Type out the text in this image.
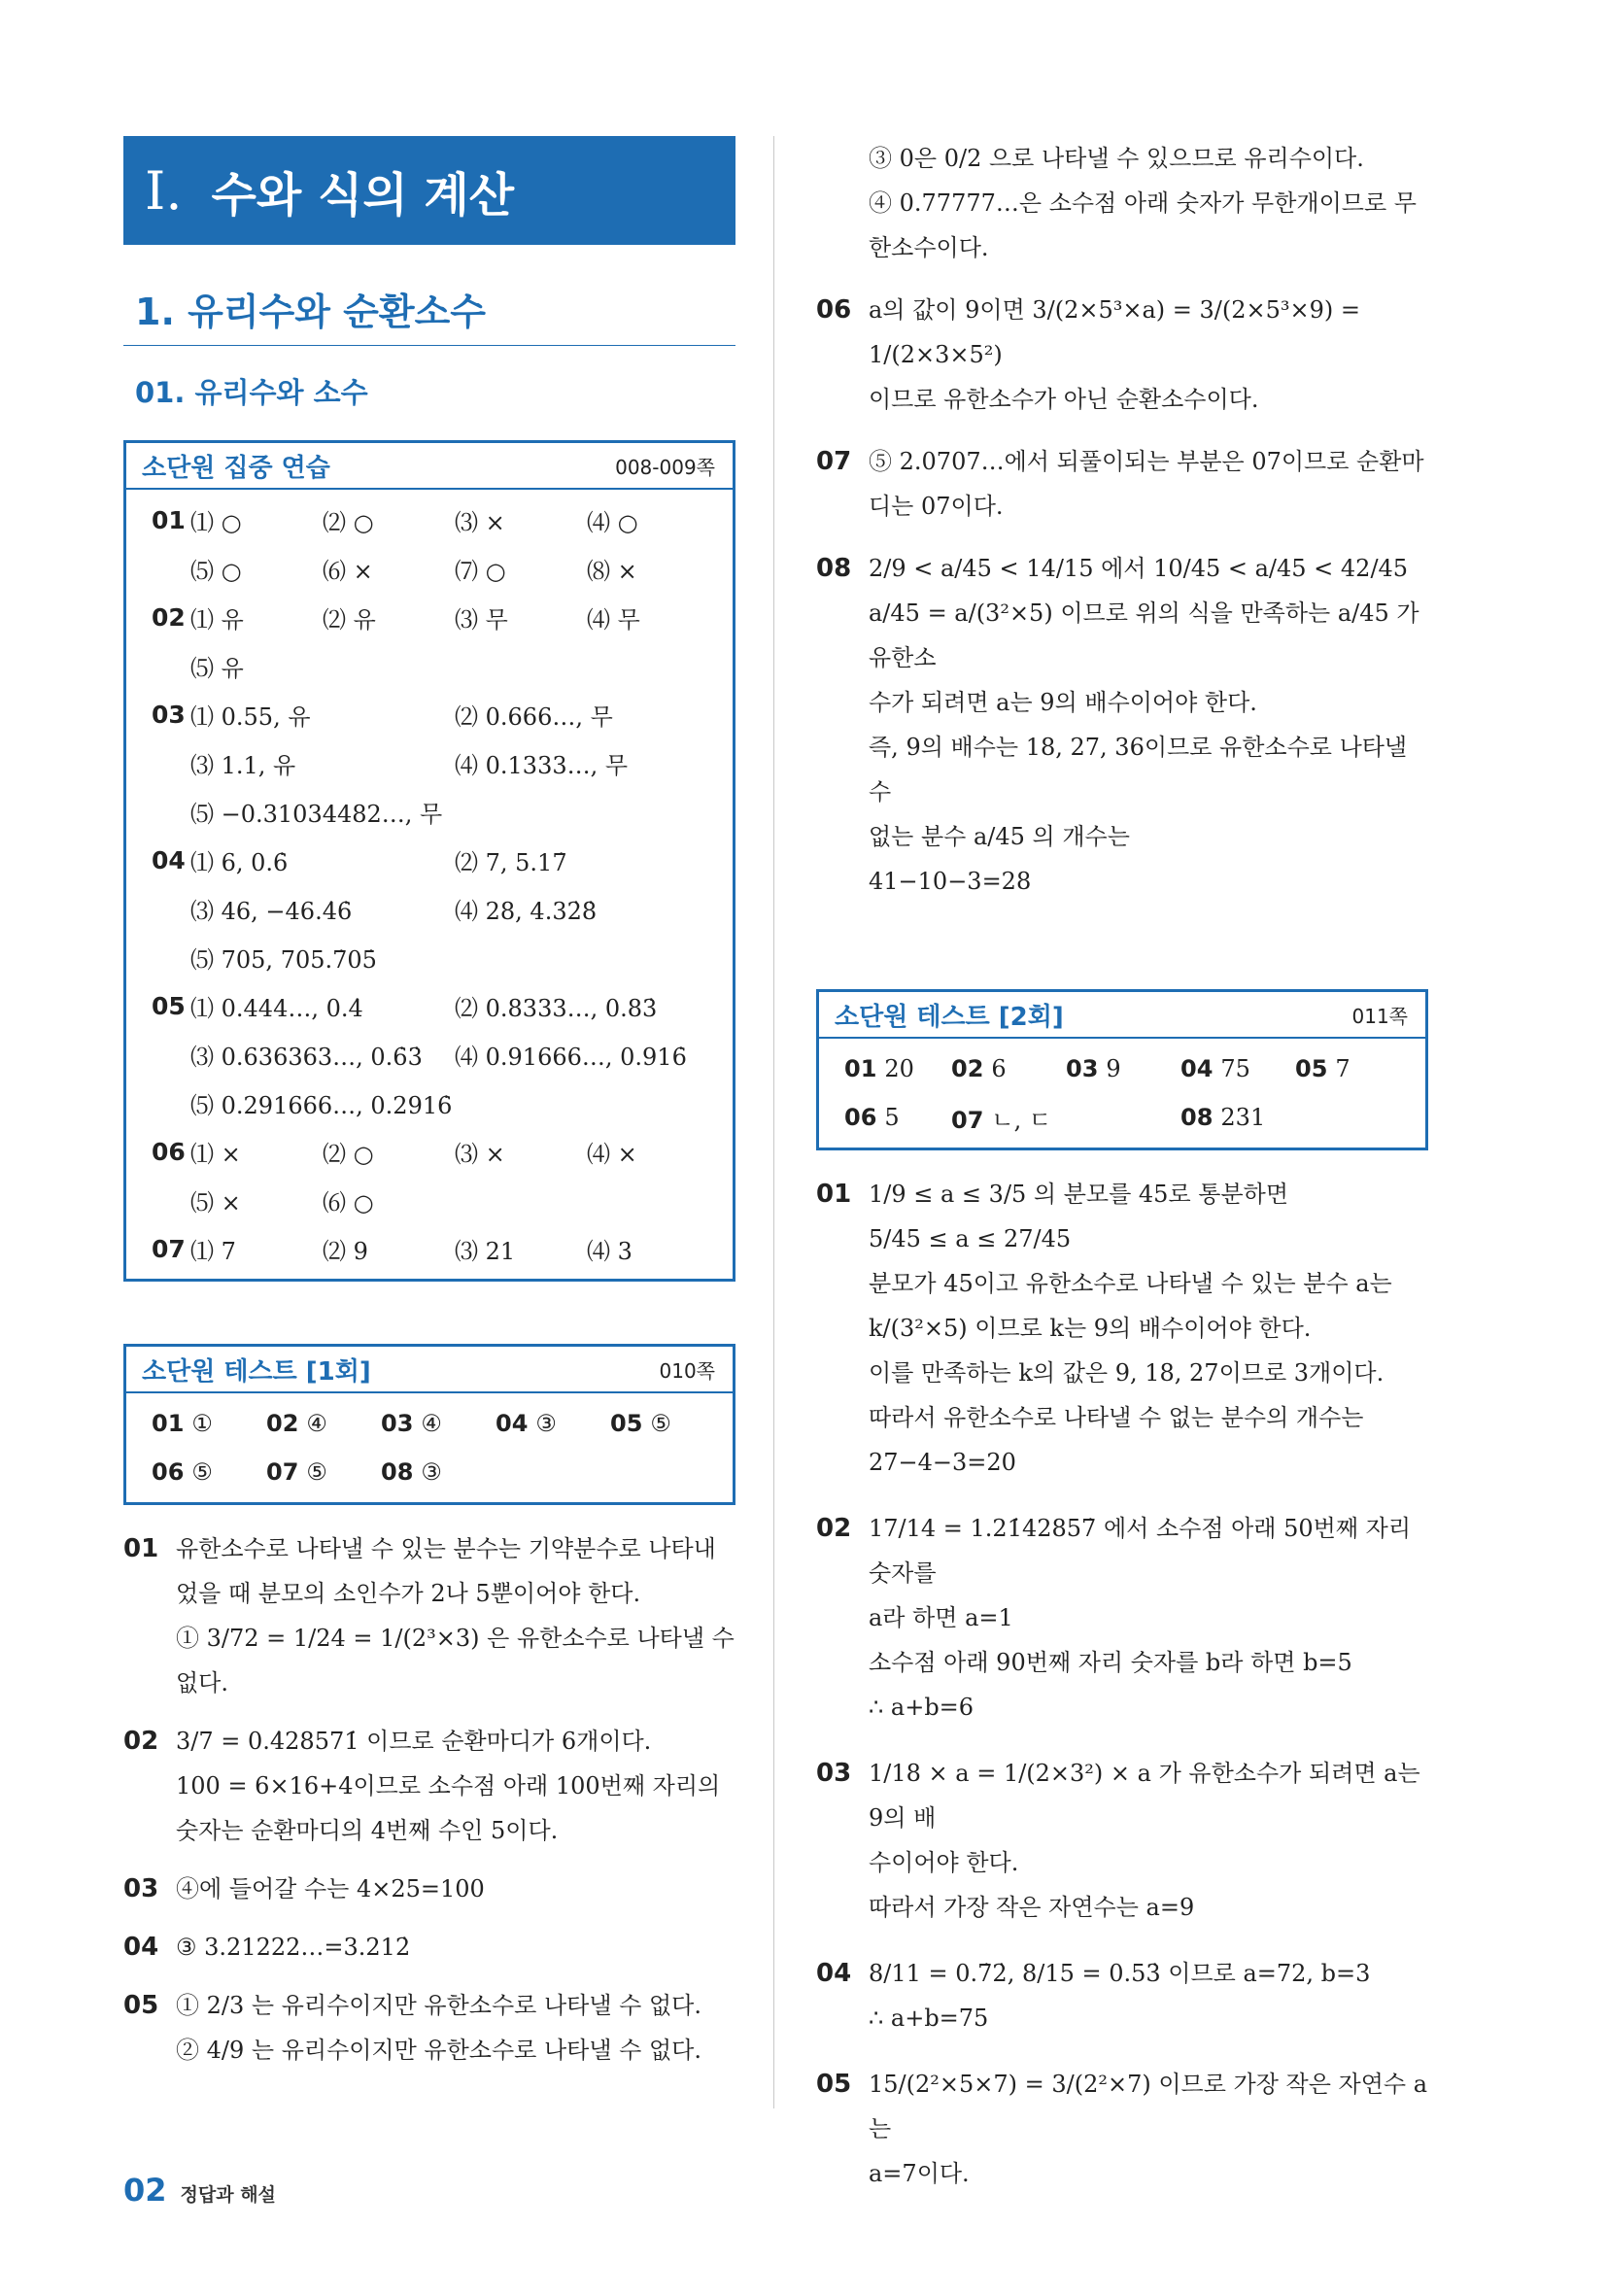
Ⅰ. 수와 식의 계산
1. 유리수와 순환소수
01. 유리수와 소수
소단원 집중 연습	008-009쪽
01 ⑴ ○	⑵ ○	⑶ ×	⑷ ○
⑸ ○	⑹ ×	⑺ ○	⑻ ×
02 ⑴ 유	⑵ 유	⑶ 무	⑷ 무
⑸ 유
03 ⑴ 0.55, 유	⑵ 0.666…, 무
⑶ 1.1, 유	⑷ 0.1333…, 무
⑸ −0.31034482…, 무
04 ⑴ 6, 0.6̇	⑵ 7, 5.17̇
⑶ 46, −46.4̇6̇	⑷ 28, 4.32̇8̇
⑸ 705, 705.7̇05̇
05 ⑴ 0.444…, 0.4̇	⑵ 0.8333…, 0.83̇
⑶ 0.636363…, 0.6̇3̇	⑷ 0.91666…, 0.916̇
⑸ 0.291666…, 0.2916̇
06 ⑴ ×	⑵ ○	⑶ ×	⑷ ×
⑸ ×	⑹ ○
07 ⑴ 7	⑵ 9	⑶ 21	⑷ 3
소단원 테스트 [1회]	010쪽
01 ①	02 ④	03 ④	04 ③	05 ⑤
06 ⑤	07 ⑤	08 ③
01 유한소수로 나타낼 수 있는 분수는 기약분수로 나타내

었을 때 분모의 소인수가 2나 5뿐이어야 한다.

① 3/72 = 1/24 = 1/(2³×3) 은 유한소수로 나타낼 수 없다.

02 3/7 = 0.4̇28571̇ 이므로 순환마디가 6개이다.

100 = 6×16+4이므로 소수점 아래 100번째 자리의

숫자는 순환마디의 4번째 수인 5이다.

03 ④에 들어갈 수는 4×25=100

04 ③ 3.21222…=3.212̇

05 ① 2/3 는 유리수이지만 유한소수로 나타낼 수 없다.

② 4/9 는 유리수이지만 유한소수로 나타낼 수 없다.

③ 0은 0/2 으로 나타낼 수 있으므로 유리수이다.

④ 0.77777…은 소수점 아래 숫자가 무한개이므로 무

한소수이다.

06 a의 값이 9이면 3/(2×5³×a) = 3/(2×5³×9) = 1/(2×3×5²)

이므로 유한소수가 아닌 순환소수이다.

07 ⑤ 2.0707…에서 되풀이되는 부분은 07이므로 순환마

디는 07이다.

08 2/9 < a/45 < 14/15 에서 10/45 < a/45 < 42/45

a/45 = a/(3²×5) 이므로 위의 식을 만족하는 a/45 가 유한소

수가 되려면 a는 9의 배수이어야 한다.

즉, 9의 배수는 18, 27, 36이므로 유한소수로 나타낼 수

없는 분수 a/45 의 개수는

41−10−3=28

소단원 테스트 [2회]	011쪽
01 20	02 6	03 9	04 75	05 7
06 5	07 ㄴ, ㄷ	08 231
01 1/9 ≤ a ≤ 3/5 의 분모를 45로 통분하면

5/45 ≤ a ≤ 27/45

분모가 45이고 유한소수로 나타낼 수 있는 분수 a는

k/(3²×5) 이므로 k는 9의 배수이어야 한다.

이를 만족하는 k의 값은 9, 18, 27이므로 3개이다.

따라서 유한소수로 나타낼 수 없는 분수의 개수는

27−4−3=20

02 17/14 = 1.21̇42857̇ 에서 소수점 아래 50번째 자리 숫자를

a라 하면 a=1

소수점 아래 90번째 자리 숫자를 b라 하면 b=5

∴ a+b=6

03 1/18 × a = 1/(2×3²) × a 가 유한소수가 되려면 a는 9의 배

수이어야 한다.

따라서 가장 작은 자연수는 a=9

04 8/11 = 0.7̇2̇, 8/15 = 0.53̇ 이므로 a=72, b=3

∴ a+b=75

05 15/(2²×5×7) = 3/(2²×7) 이므로 가장 작은 자연수 a는

a=7이다.

02 정답과 해설
